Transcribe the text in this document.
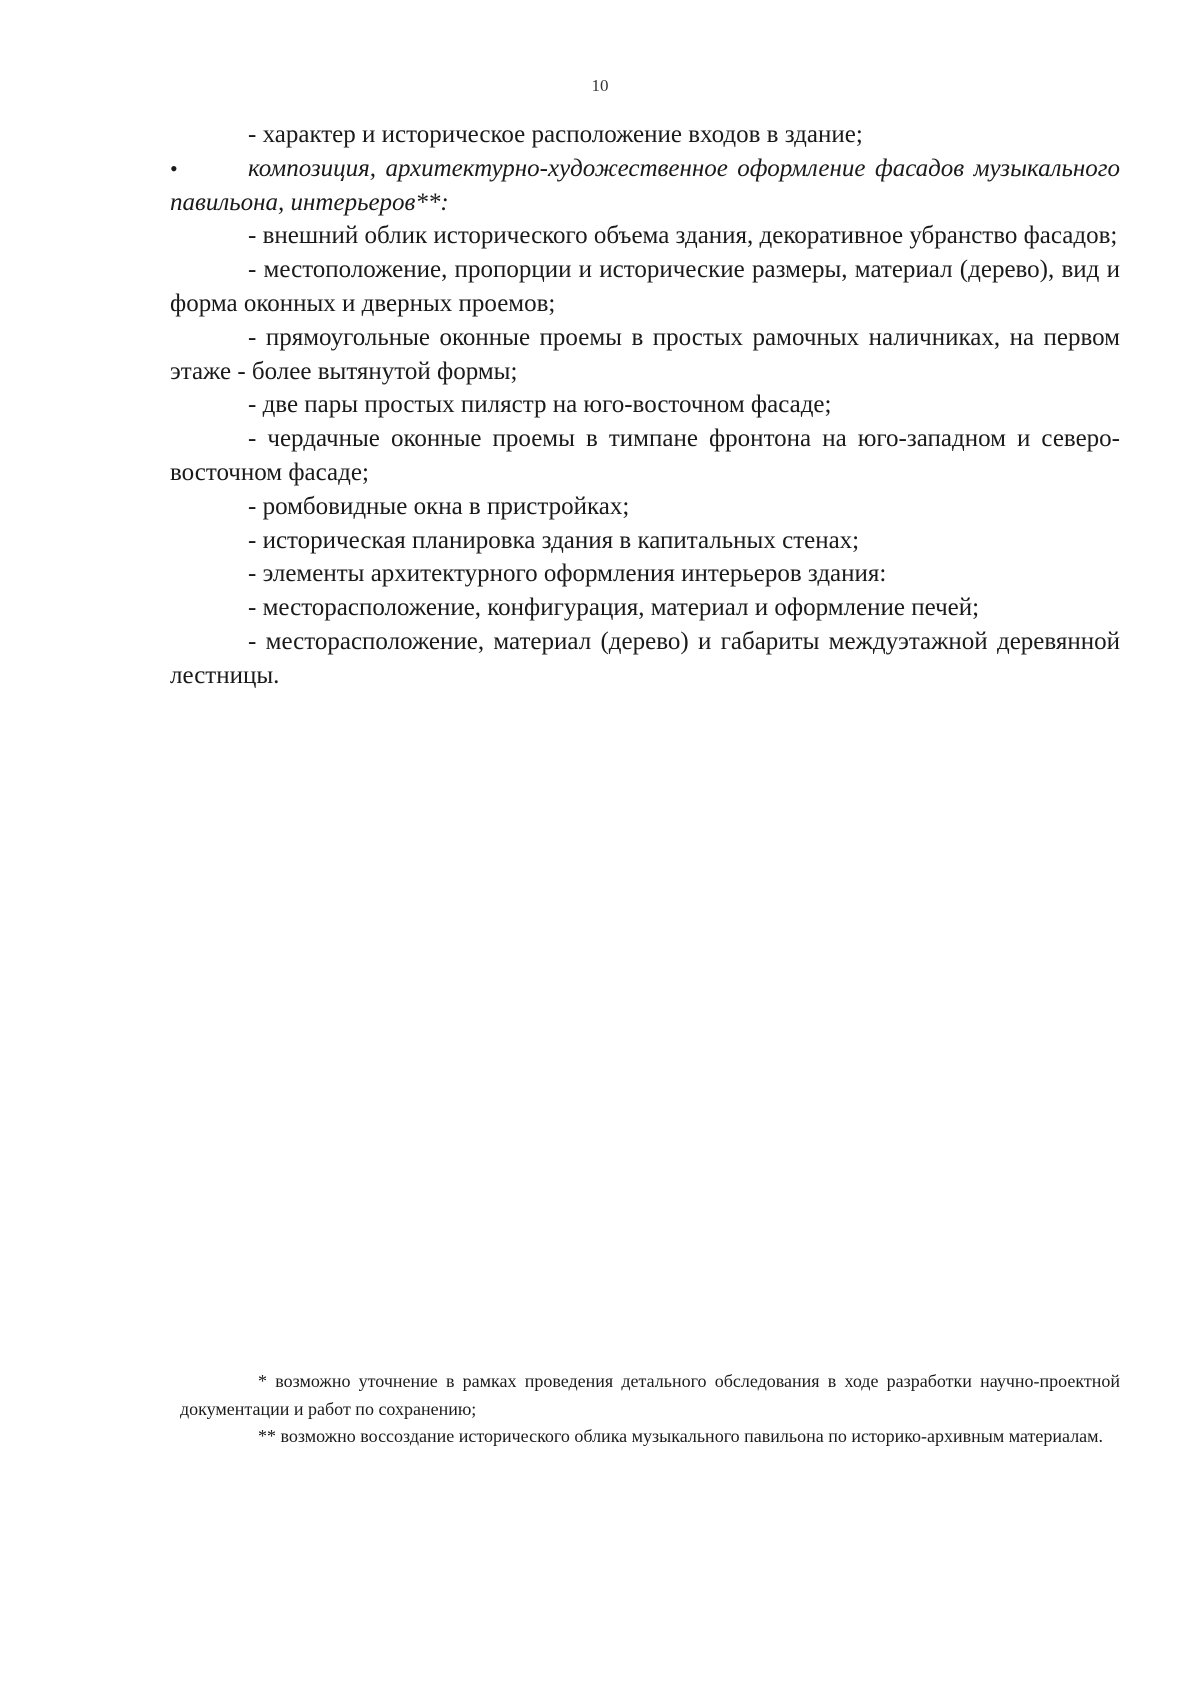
10

- характер и историческое расположение входов в здание;

•	композиция, архитектурно-художественное оформление фасадов музыкального павильона, интерьеров**:

- внешний облик исторического объема здания, декоративное убранство фасадов;

- местоположение, пропорции и исторические размеры, материал (дерево), вид и форма оконных и дверных проемов;

- прямоугольные оконные проемы в простых рамочных наличниках, на первом этаже - более вытянутой формы;

- две пары простых пилястр на юго-восточном фасаде;

- чердачные оконные проемы в тимпане фронтона на юго-западном и северо-восточном фасаде;

- ромбовидные окна в пристройках;

- историческая планировка здания в капитальных стенах;

- элементы архитектурного оформления интерьеров здания:

- месторасположение, конфигурация, материал и оформление печей;

- месторасположение, материал (дерево) и габариты междуэтажной деревянной лестницы.

* возможно уточнение в рамках проведения детального обследования в ходе разработки научно-проектной документации и работ по сохранению;

** возможно воссоздание исторического облика музыкального павильона по историко-архивным материалам.
